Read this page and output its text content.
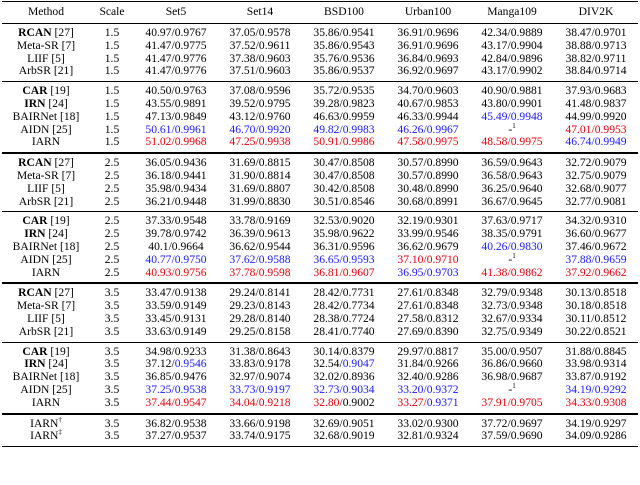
Method	Scale	Set5	Set14	BSD100	Urban100	Manga109	DIV2K
RCAN [27]	1.5	40.97/0.9767	37.05/0.9578	35.86/0.9541	36.91/0.9696	42.34/0.9889	38.47/0.9701
Meta-SR [7]	1.5	41.47/0.9775	37.52/0.9611	35.86/0.9543	36.91/0.9696	43.17/0.9904	38.88/0.9713
LIIF [5]	1.5	41.47/0.9776	37.38/0.9603	35.76/0.9536	36.84/0.9693	42.84/0.9896	38.82/0.9711
ArbSR [21]	1.5	41.47/0.9776	37.51/0.9603	35.86/0.9537	36.92/0.9697	43.17/0.9902	38.84/0.9714
CAR [19]	1.5	40.50/0.9763	37.08/0.9596	35.72/0.9535	34.70/0.9603	40.90/0.9881	37.93/0.9683
IRN [24]	1.5	43.55/0.9891	39.52/0.9795	39.28/0.9823	40.67/0.9853	43.80/0.9901	41.48/0.9837
BAIRNet [18]	1.5	47.13/0.9849	43.12/0.9760	46.63/0.9959	46.33/0.9944	45.49/0.9948	44.99/0.9920
AIDN [25]	1.5	50.61/0.9961	46.70/0.9920	49.82/0.9983	46.26/0.9967	-$^1$	47.01/0.9953
IARN	1.5	51.02/0.9968	47.25/0.9938	50.91/0.9986	47.58/0.9975	48.58/0.9975	46.74/0.9949
RCAN [27]	2.5	36.05/0.9436	31.69/0.8815	30.47/0.8508	30.57/0.8990	36.59/0.9643	32.72/0.9079
Meta-SR [7]	2.5	36.18/0.9441	31.90/0.8814	30.47/0.8508	30.57/0.8990	36.58/0.9643	32.75/0.9079
LIIF [5]	2.5	35.98/0.9434	31.69/0.8807	30.42/0.8508	30.48/0.8990	36.25/0.9640	32.68/0.9077
ArbSR [21]	2.5	36.21/0.9448	31.99/0.8830	30.51/0.8546	30.68/0.8991	36.67/0.9645	32.77/0.9081
CAR [19]	2.5	37.33/0.9548	33.78/0.9169	32.53/0.9020	32.19/0.9301	37.63/0.9717	34.32/0.9310
IRN [24]	2.5	39.78/0.9742	36.39/0.9613	35.98/0.9622	33.99/0.9546	38.35/0.9791	36.60/0.9677
BAIRNet [18]	2.5	40.1/0.9664	36.62/0.9544	36.31/0.9596	36.62/0.9679	40.26/0.9830	37.46/0.9672
AIDN [25]	2.5	40.77/0.9750	37.62/0.9588	36.65/0.9593	37.10/0.9710	-$^1$	37.88/0.9659
IARN	2.5	40.93/0.9756	37.78/0.9598	36.81/0.9607	36.95/0.9703	41.38/0.9862	37.92/0.9662
RCAN [27]	3.5	33.47/0.9138	29.24/0.8141	28.42/0.7731	27.61/0.8348	32.79/0.9348	30.13/0.8518
Meta-SR [7]	3.5	33.59/0.9149	29.23/0.8143	28.42/0.7734	27.61/0.8348	32.73/0.9348	30.18/0.8518
LIIF [5]	3.5	33.45/0.9131	29.28/0.8140	28.38/0.7724	27.58/0.8312	32.67/0.9334	30.11/0.8512
ArbSR [21]	3.5	33.63/0.9149	29.25/0.8158	28.41/0.7740	27.69/0.8390	32.75/0.9349	30.22/0.8521
CAR [19]	3.5	34.98/0.9233	31.38/0.8643	30.14/0.8379	29.97/0.8817	35.00/0.9507	31.88/0.8845
IRN [24]	3.5	37.12/0.9546	33.83/0.9178	32.54/0.9047	31.84/0.9266	36.86/0.9660	33.98/0.9314
BAIRNet [18]	3.5	36.85/0.9476	32.97/0.9074	32.02/0.8936	32.40/0.9286	36.98/0.9687	33.87/0.9192
AIDN [25]	3.5	37.25/0.9538	33.73/0.9197	32.73/0.9034	33.20/0.9372	-$^1$	34.19/0.9292
IARN	3.5	37.44/0.9547	34.04/0.9218	32.80/0.9002	33.27/0.9371	37.91/0.9705	34.33/0.9308
IARN†	3.5	36.82/0.9538	33.66/0.9198	32.69/0.9051	33.02/0.9300	37.72/0.9697	34.19/0.9297
IARN‡	3.5	37.27/0.9537	33.74/0.9175	32.68/0.9019	32.81/0.9324	37.59/0.9690	34.09/0.9286
